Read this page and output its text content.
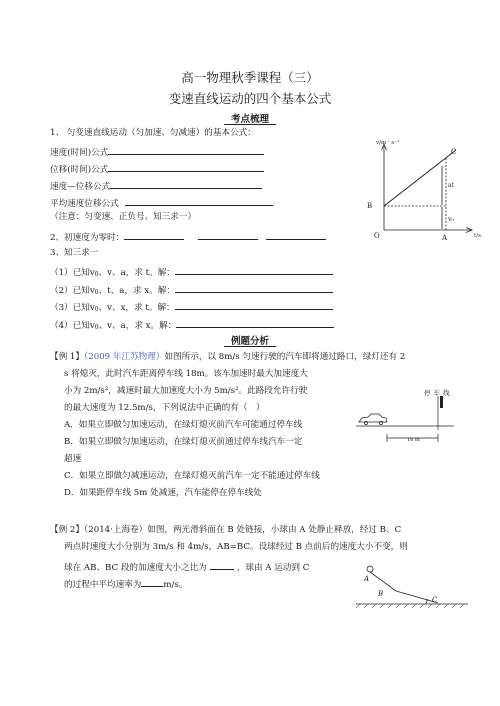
高一物理秋季课程（三）
变速直线运动的四个基本公式
考点梳理
1、 匀变速直线运动（匀加速、匀减速）的基本公式：
速度(时间)公式
位移(时间)公式
速度—位移公式
平均速度位移公式
（注意：匀变速、正负号、知三求一）
2、初速度为零时：
3、知三求一
（1）已知v0、v、a，求 t。解：
（2）已知v0、t、a，求 x。解：
（3）已知v0、v、x，求 t。解：
（4）已知v0、v、a，求 x。解：
v/m · s⁻¹
t/s
C
B
O	A
at
v₀
例题分析
【例 1】（2009 年江苏物理）如图所示，以 8m/s 匀速行驶的汽车即将通过路口，绿灯还有 2
s 将熄灭，此时汽车距离停车线 18m。该车加速时最大加速度大
小为 2m/s²，减速时最大加速度大小为 5m/s²。此路段允许行驶
的最大速度为 12.5m/s，下列说法中正确的有（　）
A．如果立即做匀加速运动，在绿灯熄灭前汽车可能通过停车线
B．如果立即做匀加速运动，在绿灯熄灭前通过停车线汽车一定
超速
C．如果立即做匀减速运动，在绿灯熄灭前汽车一定不能通过停车线
D．如果距停车线 5m 处减速，汽车能停在停车线处
停车线
18 m
【例 2】（2014·上海卷）如图，两光滑斜面在 B 处链接，小球由 A 处静止释放，经过 B、C
两点时速度大小分别为 3m/s 和 4m/s，AB=BC。设球经过 B 点前后的速度大小不变，则
球在 AB、BC 段的加速度大小之比为	，球由 A 运动到 C
的过程中平均速率为	m/s。
A
B
C
